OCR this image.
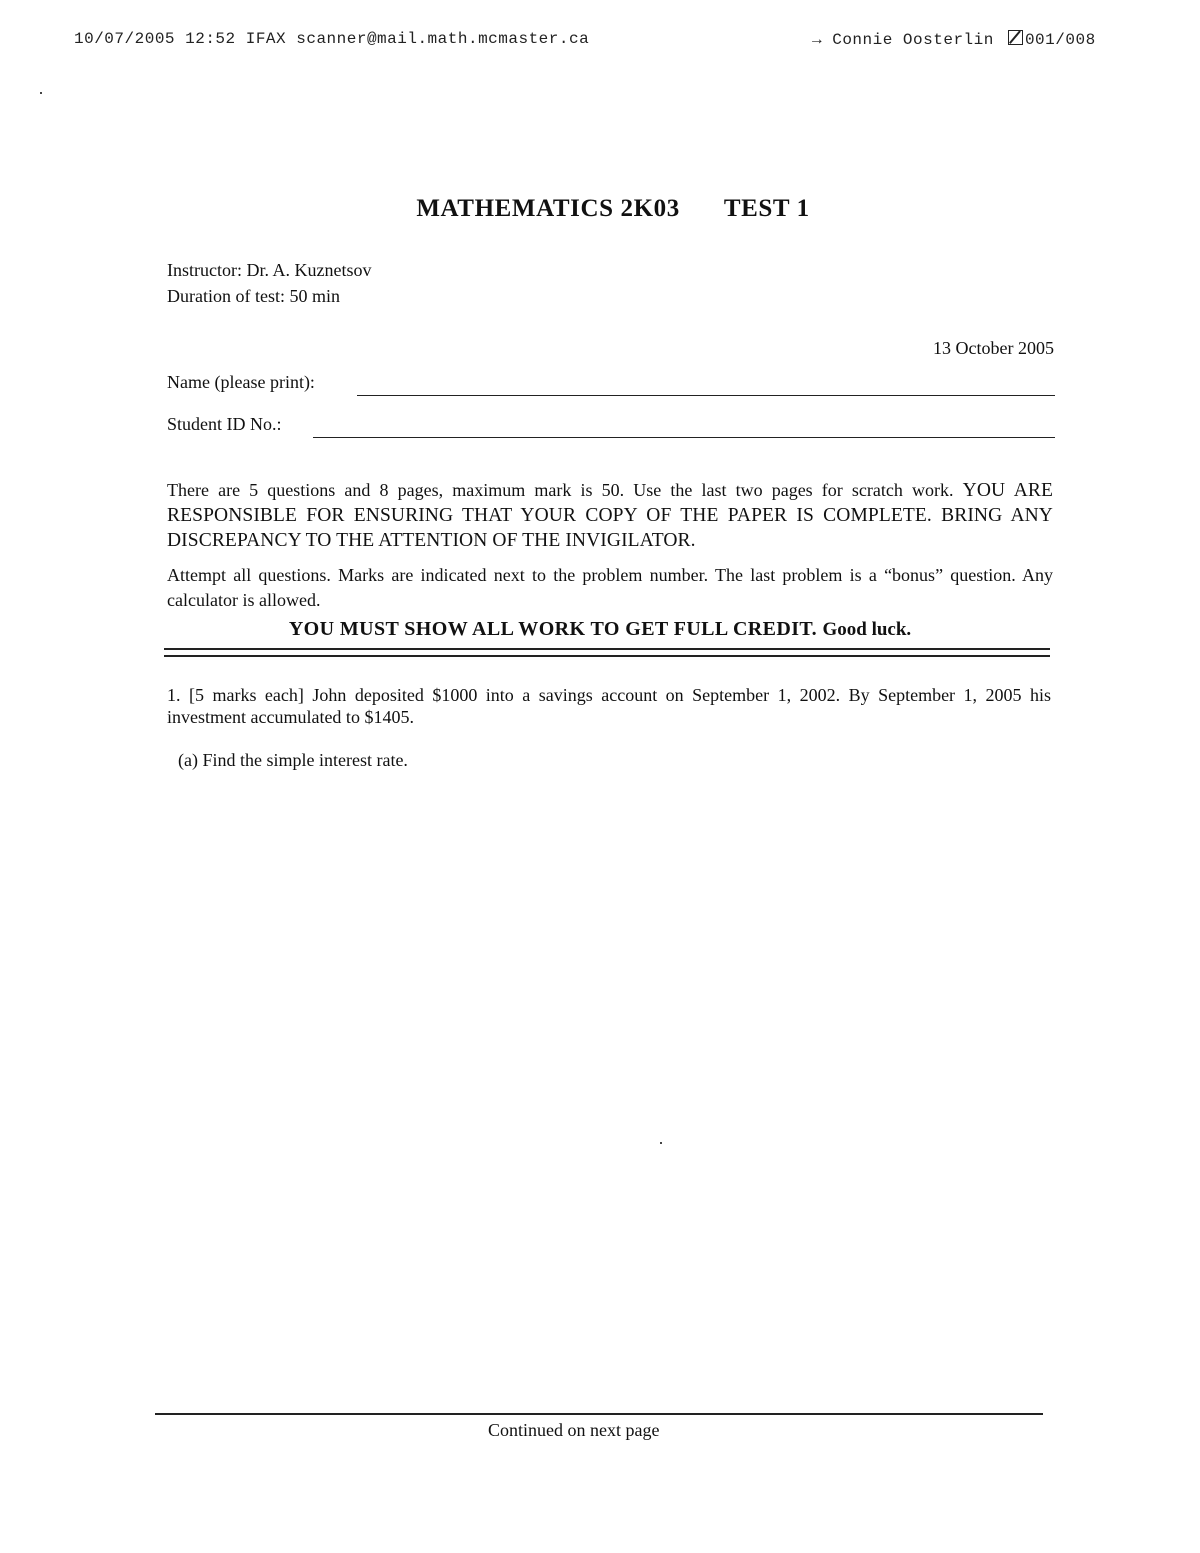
10/07/2005 12:52 IFAX scanner@mail.math.mcmaster.ca	→ Connie Oosterlin 001/008
MATHEMATICS 2K03 TEST 1
Instructor: Dr. A. Kuznetsov
Duration of test: 50 min
13 October 2005
Name (please print):
Student ID No.:
There are 5 questions and 8 pages, maximum mark is 50. Use the last two pages for scratch work. YOU ARE RESPONSIBLE FOR ENSURING THAT YOUR COPY OF THE PAPER IS COMPLETE. BRING ANY DISCREPANCY TO THE ATTENTION OF THE INVIGILATOR.
Attempt all questions. Marks are indicated next to the problem number. The last problem is a “bonus” question. Any calculator is allowed.
YOU MUST SHOW ALL WORK TO GET FULL CREDIT. Good luck.
1. [5 marks each] John deposited $1000 into a savings account on September 1, 2002. By September 1, 2005 his investment accumulated to $1405.
(a) Find the simple interest rate.
Continued on next page
